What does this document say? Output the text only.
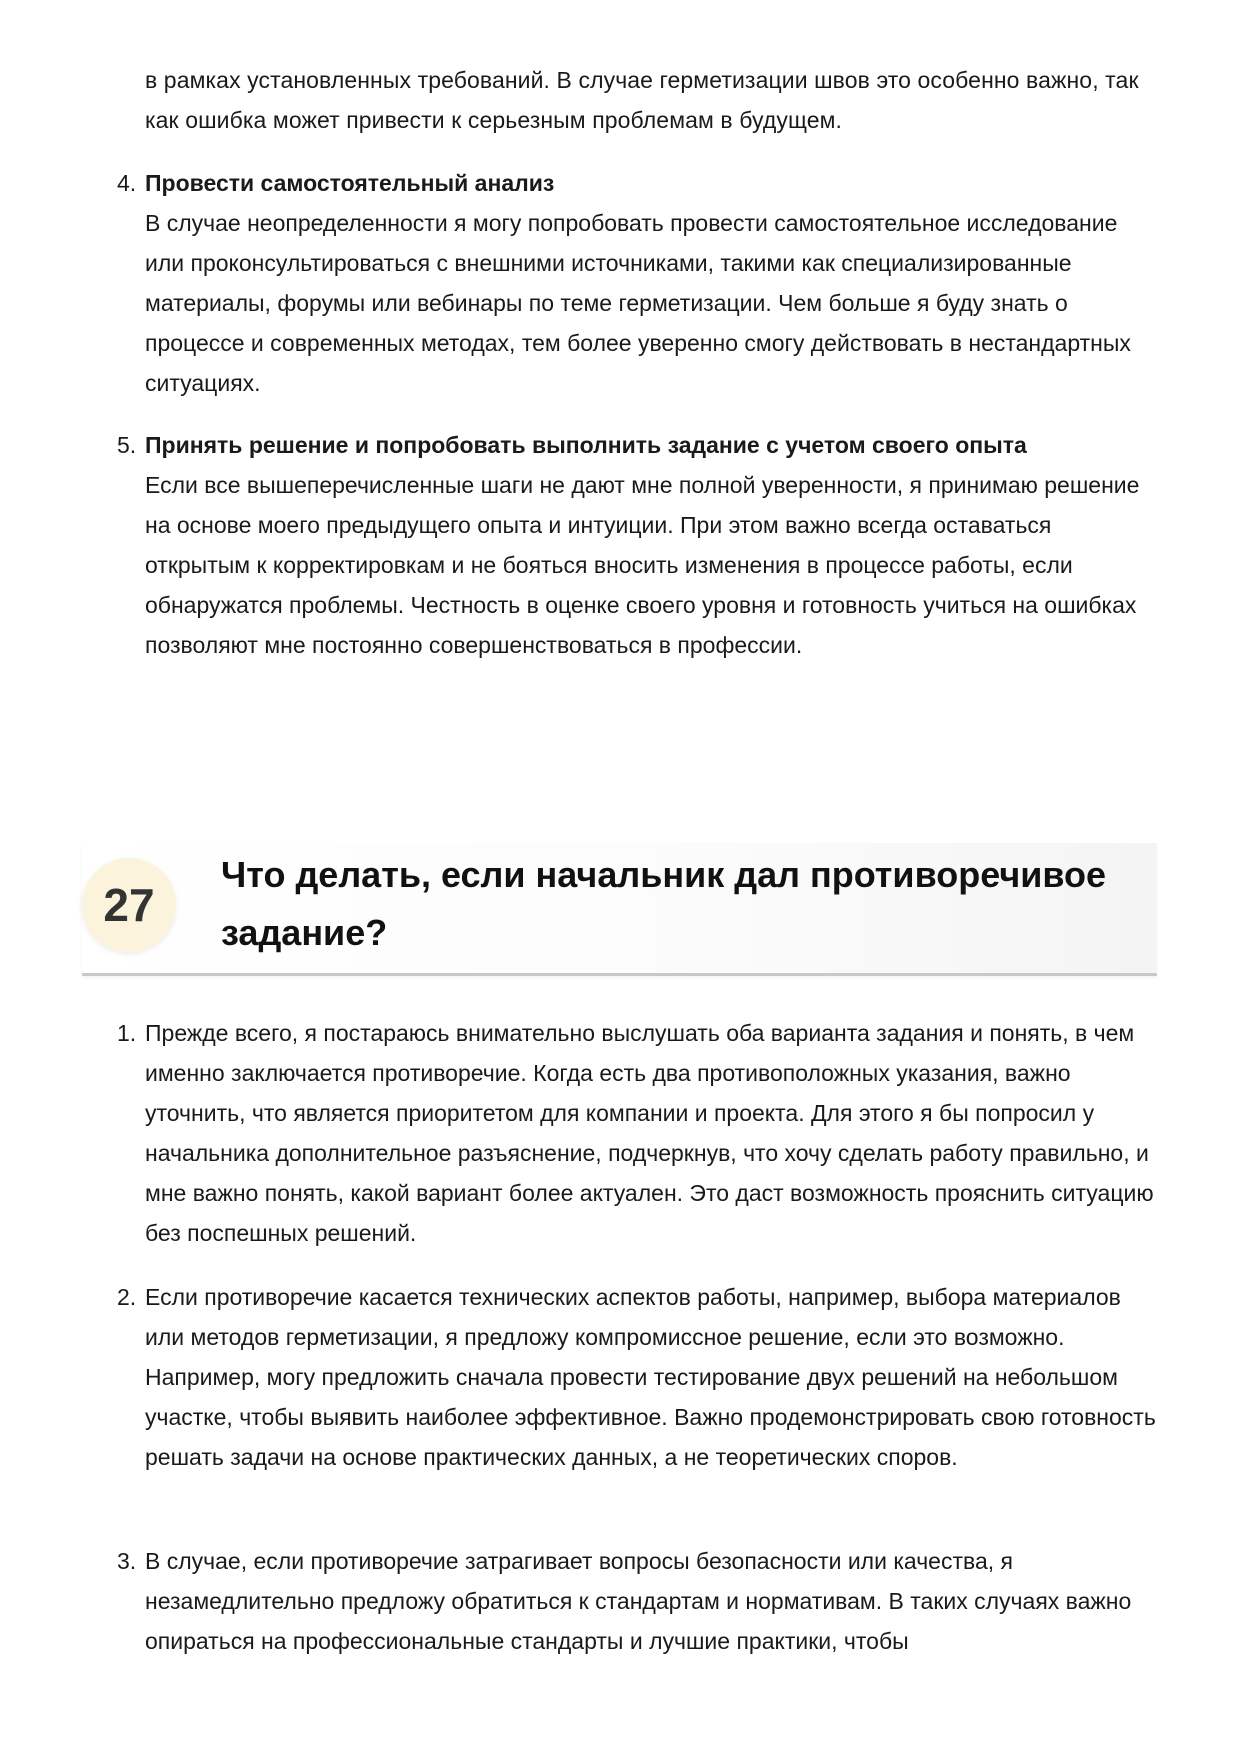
в рамках установленных требований. В случае герметизации швов это особенно важно, так как ошибка может привести к серьезным проблемам в будущем.
4. Провести самостоятельный анализ
В случае неопределенности я могу попробовать провести самостоятельное исследование или проконсультироваться с внешними источниками, такими как специализированные материалы, форумы или вебинары по теме герметизации. Чем больше я буду знать о процессе и современных методах, тем более уверенно смогу действовать в нестандартных ситуациях.
5. Принять решение и попробовать выполнить задание с учетом своего опыта
Если все вышеперечисленные шаги не дают мне полной уверенности, я принимаю решение на основе моего предыдущего опыта и интуиции. При этом важно всегда оставаться открытым к корректировкам и не бояться вносить изменения в процессе работы, если обнаружатся проблемы. Честность в оценке своего уровня и готовность учиться на ошибках позволяют мне постоянно совершенствоваться в профессии.
27
Что делать, если начальник дал противоречивое задание?
1. Прежде всего, я постараюсь внимательно выслушать оба варианта задания и понять, в чем именно заключается противоречие. Когда есть два противоположных указания, важно уточнить, что является приоритетом для компании и проекта. Для этого я бы попросил у начальника дополнительное разъяснение, подчеркнув, что хочу сделать работу правильно, и мне важно понять, какой вариант более актуален. Это даст возможность прояснить ситуацию без поспешных решений.
2. Если противоречие касается технических аспектов работы, например, выбора материалов или методов герметизации, я предложу компромиссное решение, если это возможно. Например, могу предложить сначала провести тестирование двух решений на небольшом участке, чтобы выявить наиболее эффективное. Важно продемонстрировать свою готовность решать задачи на основе практических данных, а не теоретических споров.
3. В случае, если противоречие затрагивает вопросы безопасности или качества, я незамедлительно предложу обратиться к стандартам и нормативам. В таких случаях важно опираться на профессиональные стандарты и лучшие практики, чтобы
